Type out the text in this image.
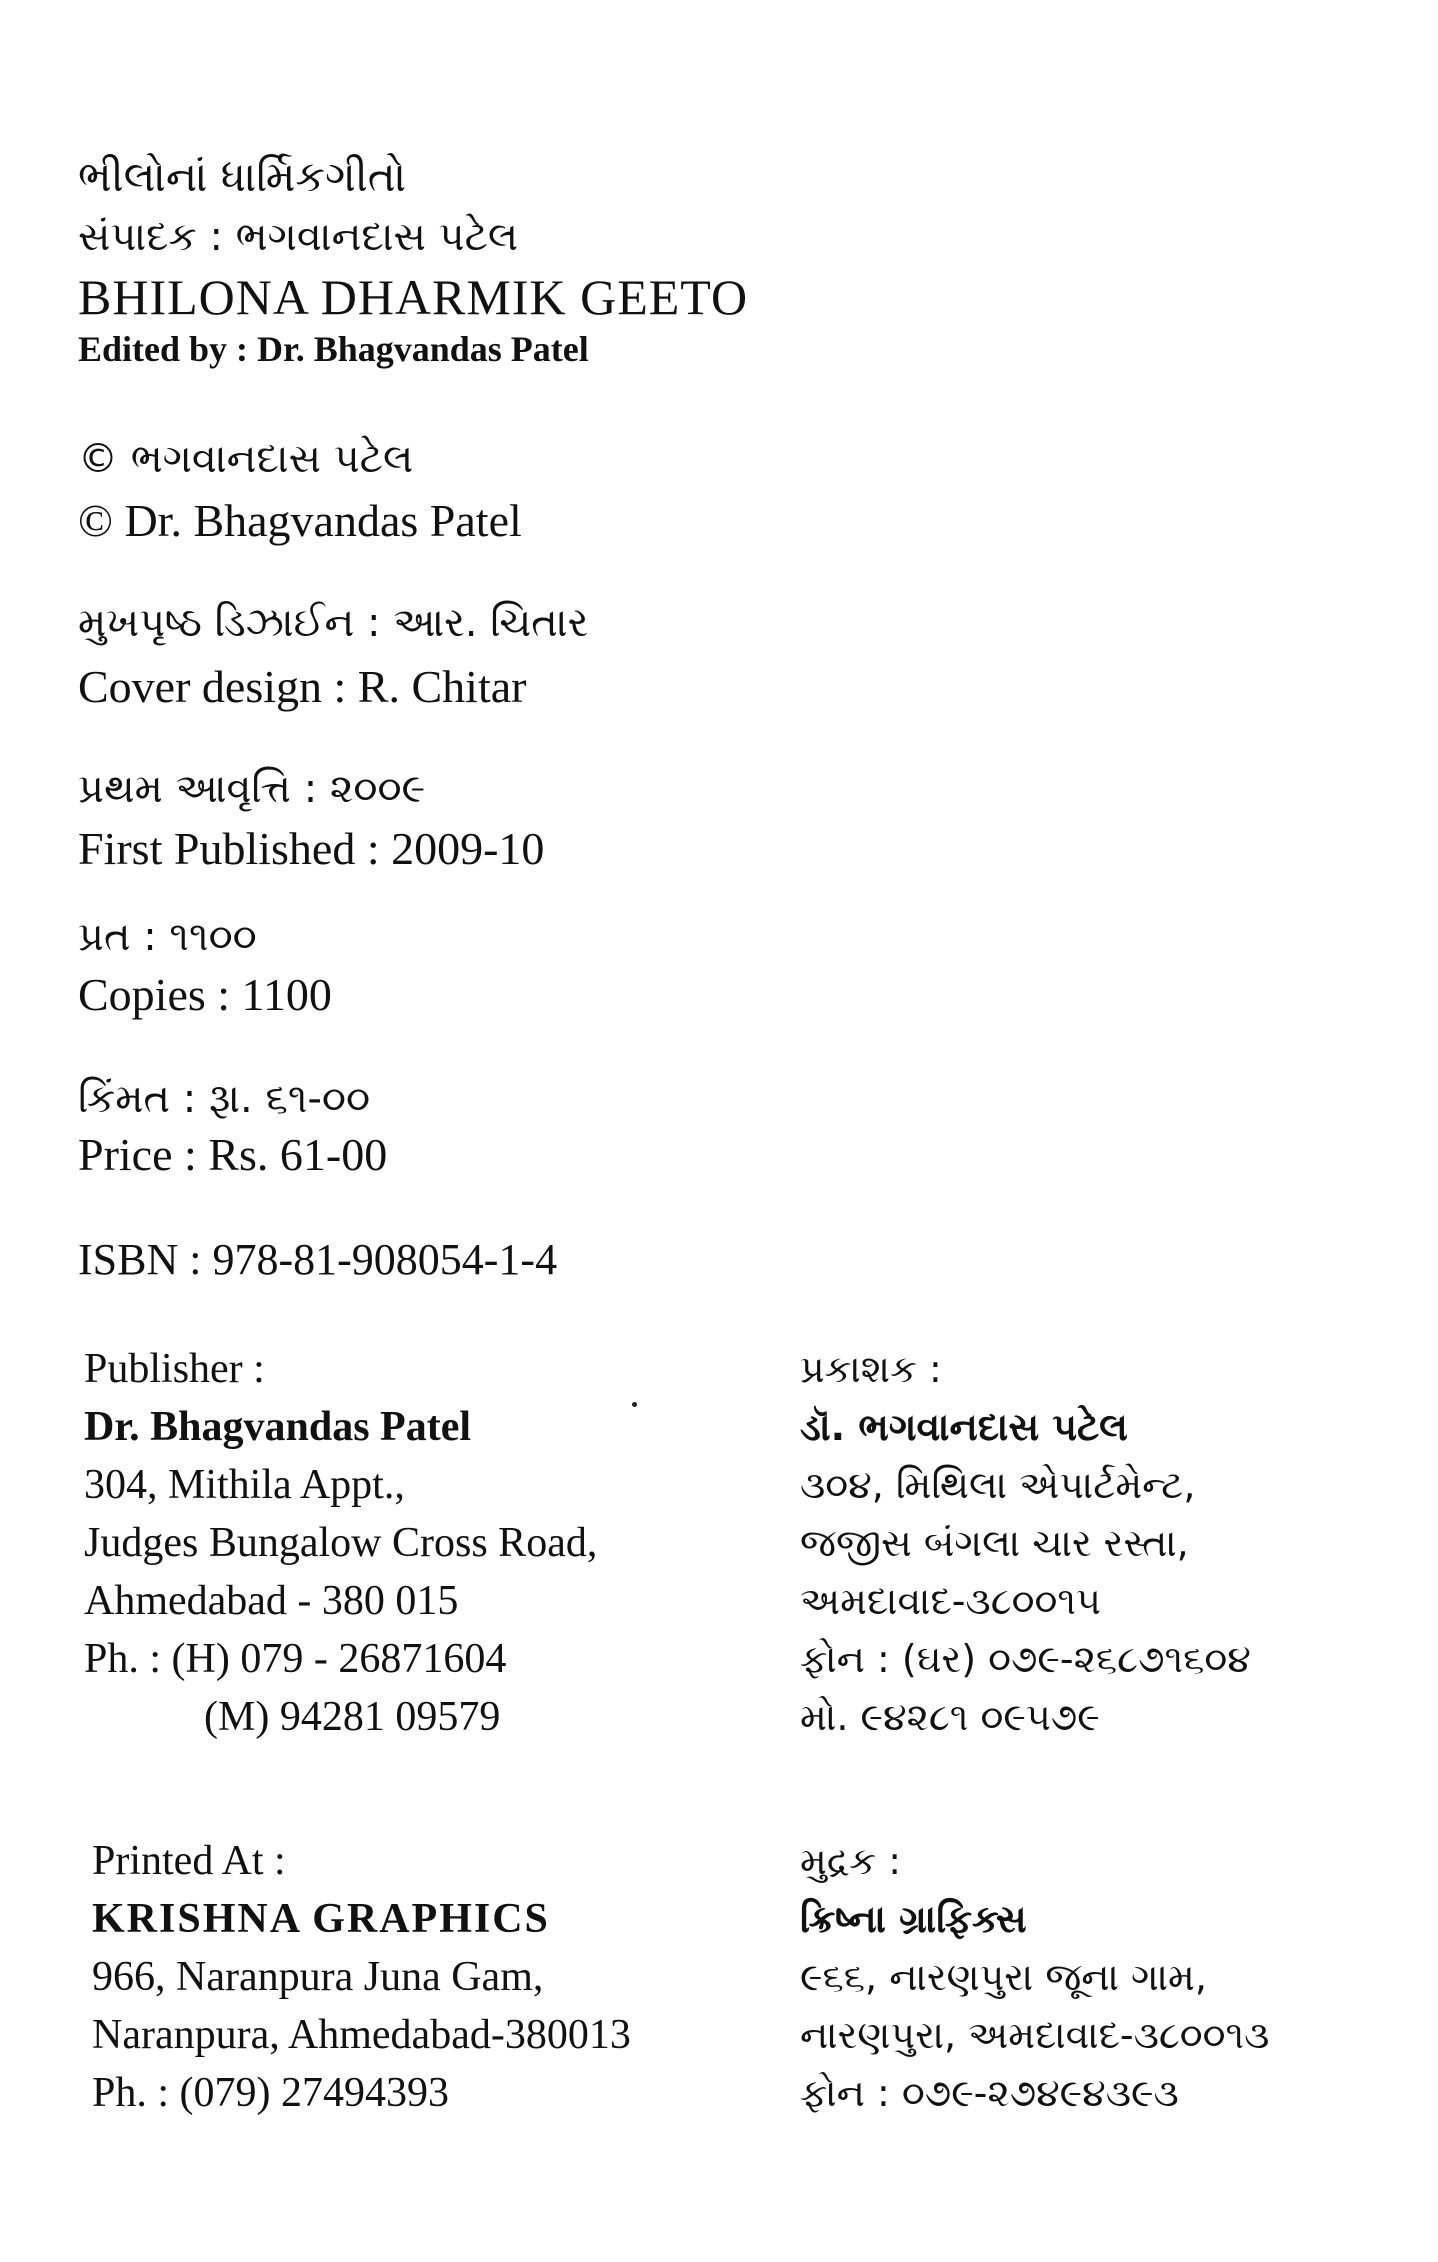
ભીલોનાં ધાર્મિકગીતો
સંપાદક : ભગવાનદાસ પટેલ
BHILONA DHARMIK GEETO
Edited by : Dr. Bhagvandas Patel
© ભગવાનદાસ પટેલ
© Dr. Bhagvandas Patel
મુખપૃષ્ઠ ડિઝાઈન : આર. ચિતાર
Cover design : R. Chitar
પ્રથમ આવૃત્તિ : ૨૦૦૯
First Published : 2009-10
પ્રત : ૧૧૦૦
Copies : 1100
કિંમત : રૂા. ૬૧-૦૦
Price : Rs. 61-00
ISBN : 978-81-908054-1-4
Publisher :
Dr. Bhagvandas Patel
304, Mithila Appt.,
Judges Bungalow Cross Road,
Ahmedabad - 380 015
Ph. : (H) 079 - 26871604
(M) 94281 09579
પ્રકાશક :
ડૉ. ભગવાનદાસ પટેલ
૩૦૪, મિથિલા એપાર્ટમેન્ટ,
જજીસ બંગલા ચાર રસ્તા,
અમદાવાદ-૩૮૦૦૧૫
ફોન : (ઘર) ૦૭૯-૨૬૮૭૧૬૦૪
મો. ૯૪૨૮૧ ૦૯૫૭૯
Printed At :
KRISHNA GRAPHICS
966, Naranpura Juna Gam,
Naranpura, Ahmedabad-380013
Ph. : (079) 27494393
મુદ્રક :
ક્રિષ્ના ગ્રાફિક્સ
૯૬૬, નારણપુરા જૂના ગામ,
નારણપુરા, અમદાવાદ-૩૮૦૦૧૩
ફોન : ૦૭૯-૨૭૪૯૪૩૯૩
